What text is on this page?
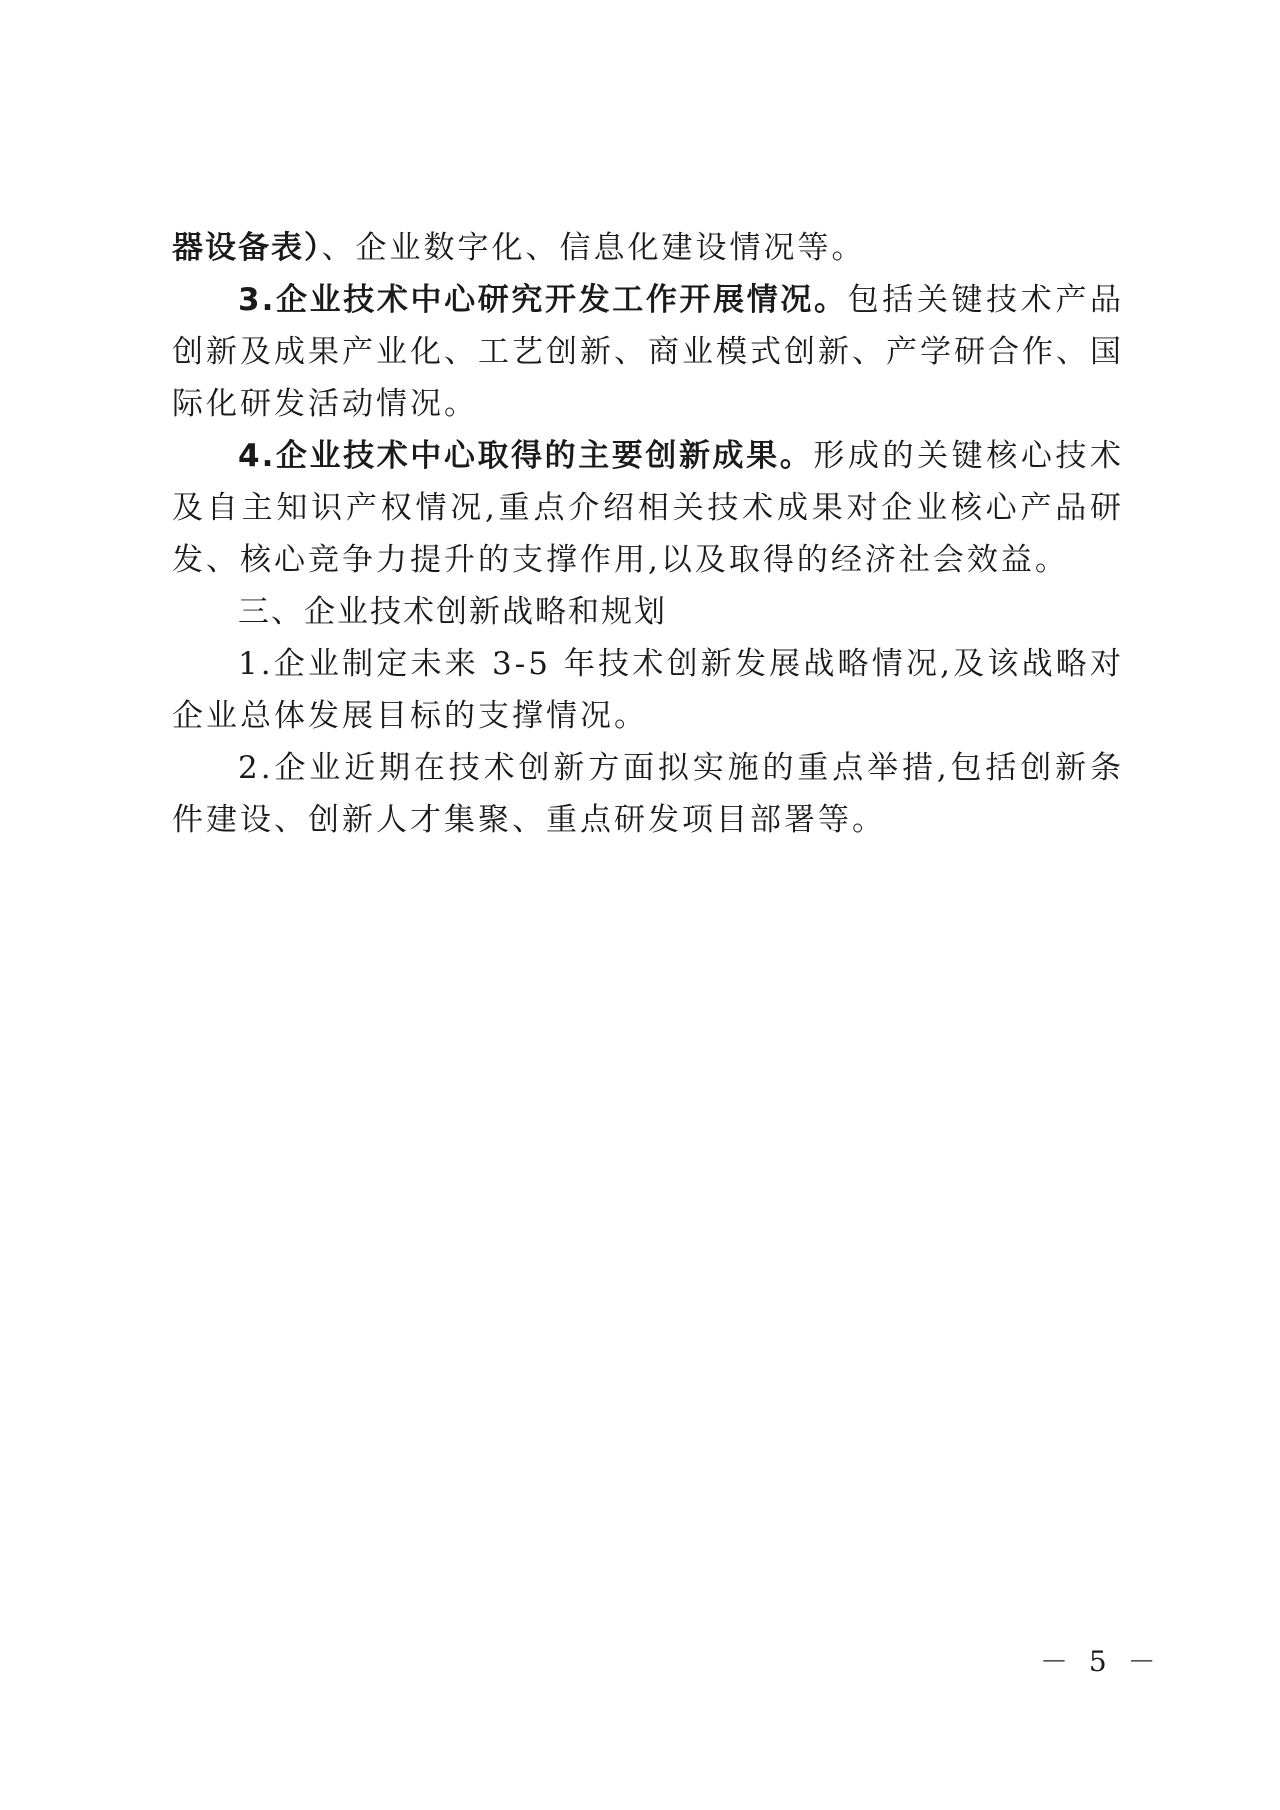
器设备表）、企业数字化、信息化建设情况等。

3.企业技术中心研究开发工作开展情况。包括关键技术产品创新及成果产业化、工艺创新、商业模式创新、产学研合作、国际化研发活动情况。

4.企业技术中心取得的主要创新成果。形成的关键核心技术及自主知识产权情况,重点介绍相关技术成果对企业核心产品研发、核心竞争力提升的支撑作用,以及取得的经济社会效益。

三、企业技术创新战略和规划

1.企业制定未来 3-5 年技术创新发展战略情况,及该战略对企业总体发展目标的支撑情况。

2.企业近期在技术创新方面拟实施的重点举措,包括创新条件建设、创新人才集聚、重点研发项目部署等。

－ 5 －
